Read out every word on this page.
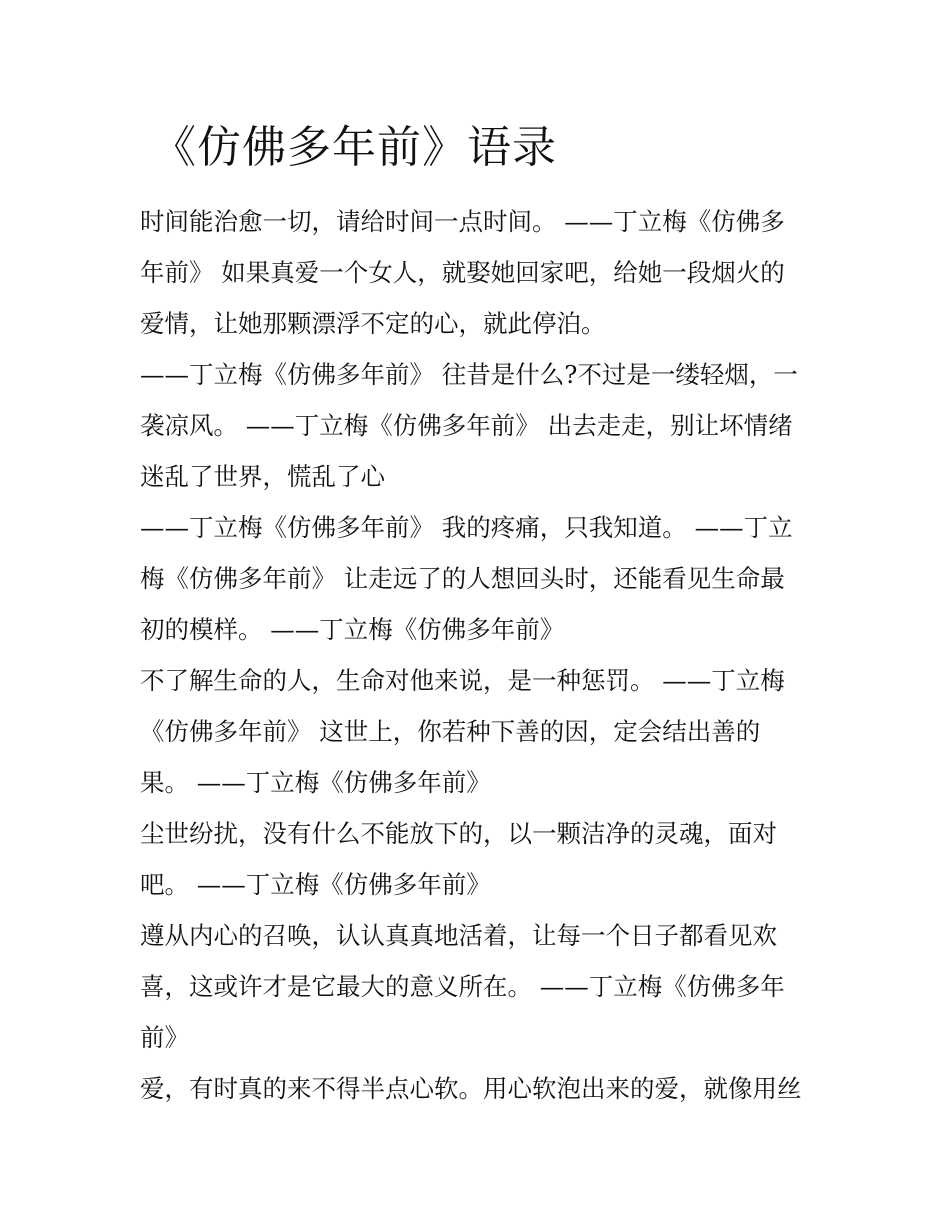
《仿佛多年前》语录
时间能治愈一切，请给时间一点时间。 ——丁立梅《仿佛多
年前》 如果真爱一个女人，就娶她回家吧，给她一段烟火的
爱情，让她那颗漂浮不定的心，就此停泊。
——丁立梅《仿佛多年前》 往昔是什么?不过是一缕轻烟，一
袭凉风。 ——丁立梅《仿佛多年前》 出去走走，别让坏情绪
迷乱了世界，慌乱了心
——丁立梅《仿佛多年前》 我的疼痛，只我知道。 ——丁立
梅《仿佛多年前》 让走远了的人想回头时，还能看见生命最
初的模样。 ——丁立梅《仿佛多年前》
不了解生命的人，生命对他来说，是一种惩罚。 ——丁立梅
《仿佛多年前》 这世上，你若种下善的因，定会结出善的
果。 ——丁立梅《仿佛多年前》
尘世纷扰，没有什么不能放下的，以一颗洁净的灵魂，面对
吧。 ——丁立梅《仿佛多年前》
遵从内心的召唤，认认真真地活着，让每一个日子都看见欢
喜，这或许才是它最大的意义所在。 ——丁立梅《仿佛多年
前》
爱，有时真的来不得半点心软。用心软泡出来的爱，就像用丝
